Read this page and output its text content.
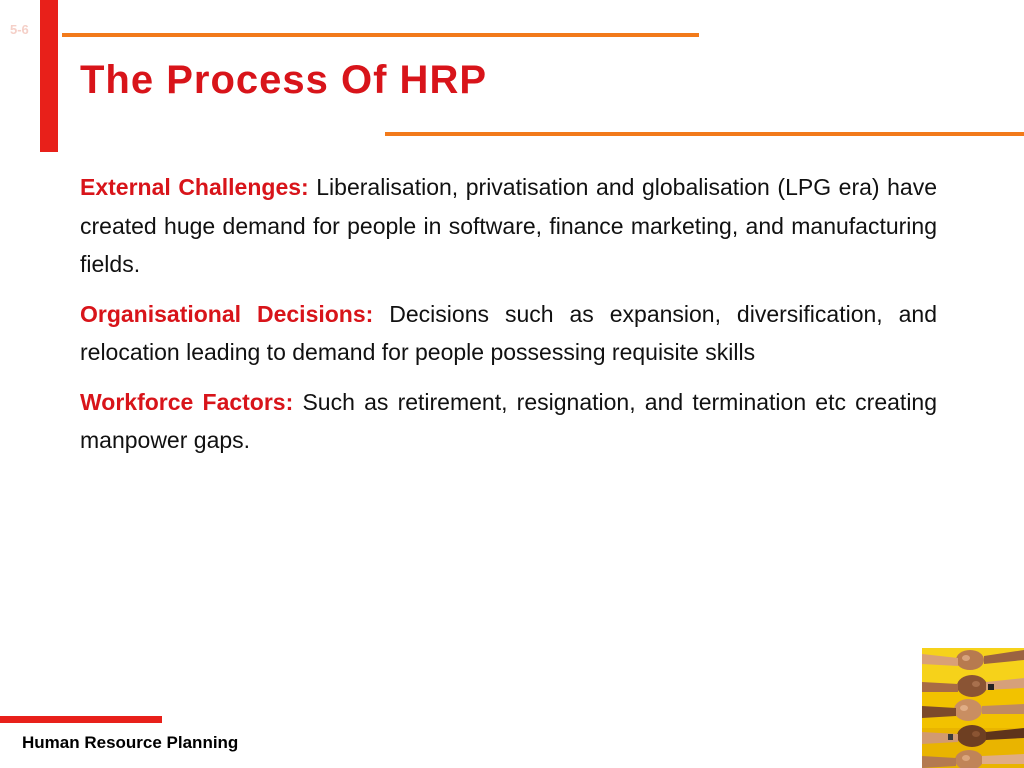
5-6
The Process Of HRP

External Challenges: Liberalisation, privatisation and globalisation (LPG era) have created huge demand for people in software, finance marketing, and manufacturing fields.

Organisational Decisions: Decisions such as expansion, diversification, and relocation leading to demand for people possessing requisite skills

Workforce Factors: Such as retirement, resignation, and termination etc creating manpower gaps.

Human Resource Planning
